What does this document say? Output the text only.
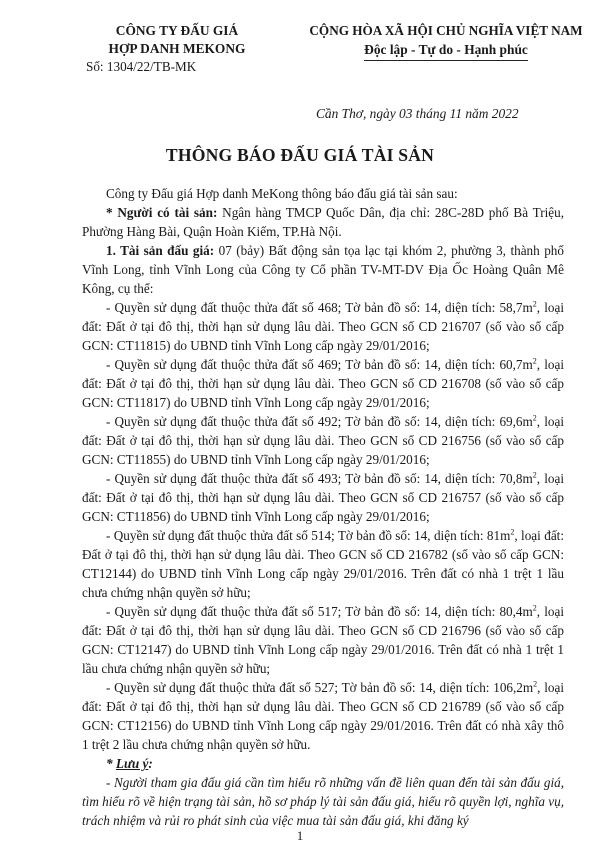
CÔNG TY ĐẤU GIÁ
HỢP DANH MEKONG
Số: 1304/22/TB-MK
CỘNG HÒA XÃ HỘI CHỦ NGHĨA VIỆT NAM
Độc lập - Tự do - Hạnh phúc
Cần Thơ, ngày 03 tháng 11 năm 2022
THÔNG BÁO ĐẤU GIÁ TÀI SẢN

Công ty Đấu giá Hợp danh MeKong thông báo đấu giá tài sản sau:

* Người có tài sản: Ngân hàng TMCP Quốc Dân, địa chỉ: 28C-28D phố Bà Triệu, Phường Hàng Bài, Quận Hoàn Kiếm, TP.Hà Nội.

1. Tài sản đấu giá: 07 (bảy) Bất động sản tọa lạc tại khóm 2, phường 3, thành phố Vĩnh Long, tỉnh Vĩnh Long của Công ty Cổ phần TV-MT-DV Địa Ốc Hoàng Quân Mê Kông, cụ thể:

- Quyền sử dụng đất thuộc thửa đất số 468; Tờ bản đồ số: 14, diện tích: $58,7m^2$, loại đất: Đất ở tại đô thị, thời hạn sử dụng lâu dài. Theo GCN số CD 216707 (số vào sổ cấp GCN: CT11815) do UBND tỉnh Vĩnh Long cấp ngày 29/01/2016;

- Quyền sử dụng đất thuộc thửa đất số 469; Tờ bản đồ số: 14, diện tích: $60,7m^2$, loại đất: Đất ở tại đô thị, thời hạn sử dụng lâu dài. Theo GCN số CD 216708 (số vào sổ cấp GCN: CT11817) do UBND tỉnh Vĩnh Long cấp ngày 29/01/2016;

- Quyền sử dụng đất thuộc thửa đất số 492; Tờ bản đồ số: 14, diện tích: $69,6m^2$, loại đất: Đất ở tại đô thị, thời hạn sử dụng lâu dài. Theo GCN số CD 216756 (số vào sổ cấp GCN: CT11855) do UBND tỉnh Vĩnh Long cấp ngày 29/01/2016;

- Quyền sử dụng đất thuộc thửa đất số 493; Tờ bản đồ số: 14, diện tích: $70,8m^2$, loại đất: Đất ở tại đô thị, thời hạn sử dụng lâu dài. Theo GCN số CD 216757 (số vào sổ cấp GCN: CT11856) do UBND tỉnh Vĩnh Long cấp ngày 29/01/2016;

- Quyền sử dụng đất thuộc thửa đất số 514; Tờ bản đồ số: 14, diện tích: $81m^2$, loại đất: Đất ở tại đô thị, thời hạn sử dụng lâu dài. Theo GCN số CD 216782 (số vào sổ cấp GCN: CT12144) do UBND tỉnh Vĩnh Long cấp ngày 29/01/2016. Trên đất có nhà 1 trệt 1 lầu chưa chứng nhận quyền sở hữu;

- Quyền sử dụng đất thuộc thửa đất số 517; Tờ bản đồ số: 14, diện tích: $80,4m^2$, loại đất: Đất ở tại đô thị, thời hạn sử dụng lâu dài. Theo GCN số CD 216796 (số vào sổ cấp GCN: CT12147) do UBND tỉnh Vĩnh Long cấp ngày 29/01/2016. Trên đất có nhà 1 trệt 1 lầu chưa chứng nhận quyền sở hữu;

- Quyền sử dụng đất thuộc thửa đất số 527; Tờ bản đồ số: 14, diện tích: $106,2m^2$, loại đất: Đất ở tại đô thị, thời hạn sử dụng lâu dài. Theo GCN số CD 216789 (số vào sổ cấp GCN: CT12156) do UBND tỉnh Vĩnh Long cấp ngày 29/01/2016. Trên đất có nhà xây thô 1 trệt 2 lầu chưa chứng nhận quyền sở hữu.

* Lưu ý:

- Người tham gia đấu giá cần tìm hiểu rõ những vấn đề liên quan đến tài sản đấu giá, tìm hiểu rõ về hiện trạng tài sản, hồ sơ pháp lý tài sản đấu giá, hiểu rõ quyền lợi, nghĩa vụ, trách nhiệm và rủi ro phát sinh của việc mua tài sản đấu giá, khi đăng ký

1
